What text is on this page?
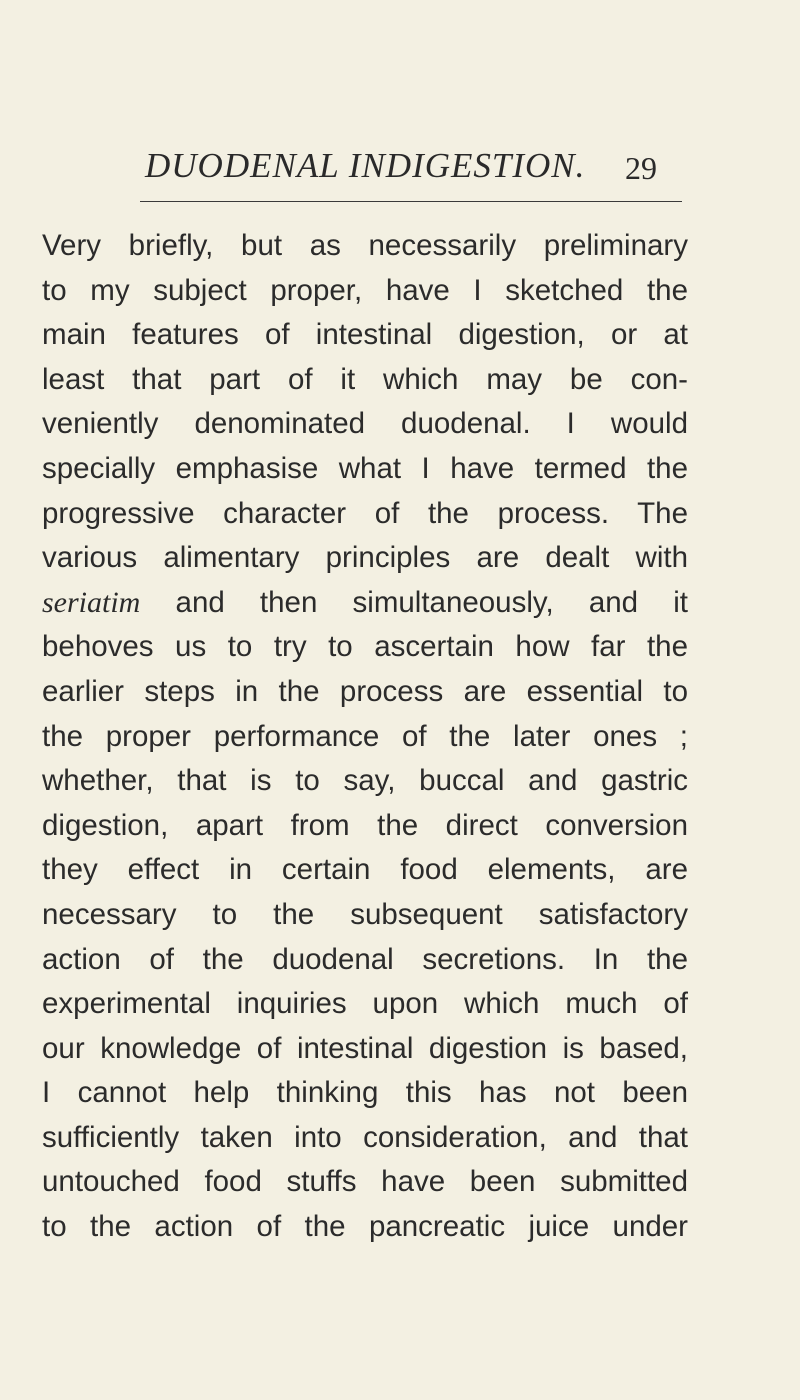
DUODENAL INDIGESTION.	29
Very briefly, but as necessarily preliminary
to my subject proper, have I sketched the
main features of intestinal digestion, or at
least that part of it which may be con-
veniently denominated duodenal. I would
specially emphasise what I have termed the
progressive character of the process. The
various alimentary principles are dealt with
seriatim and then simultaneously, and it
behoves us to try to ascertain how far the
earlier steps in the process are essential to
the proper performance of the later ones ;
whether, that is to say, buccal and gastric
digestion, apart from the direct conversion
they effect in certain food elements, are
necessary to the subsequent satisfactory
action of the duodenal secretions. In the
experimental inquiries upon which much of
our knowledge of intestinal digestion is based,
I cannot help thinking this has not been
sufficiently taken into consideration, and that
untouched food stuffs have been submitted
to the action of the pancreatic juice under
